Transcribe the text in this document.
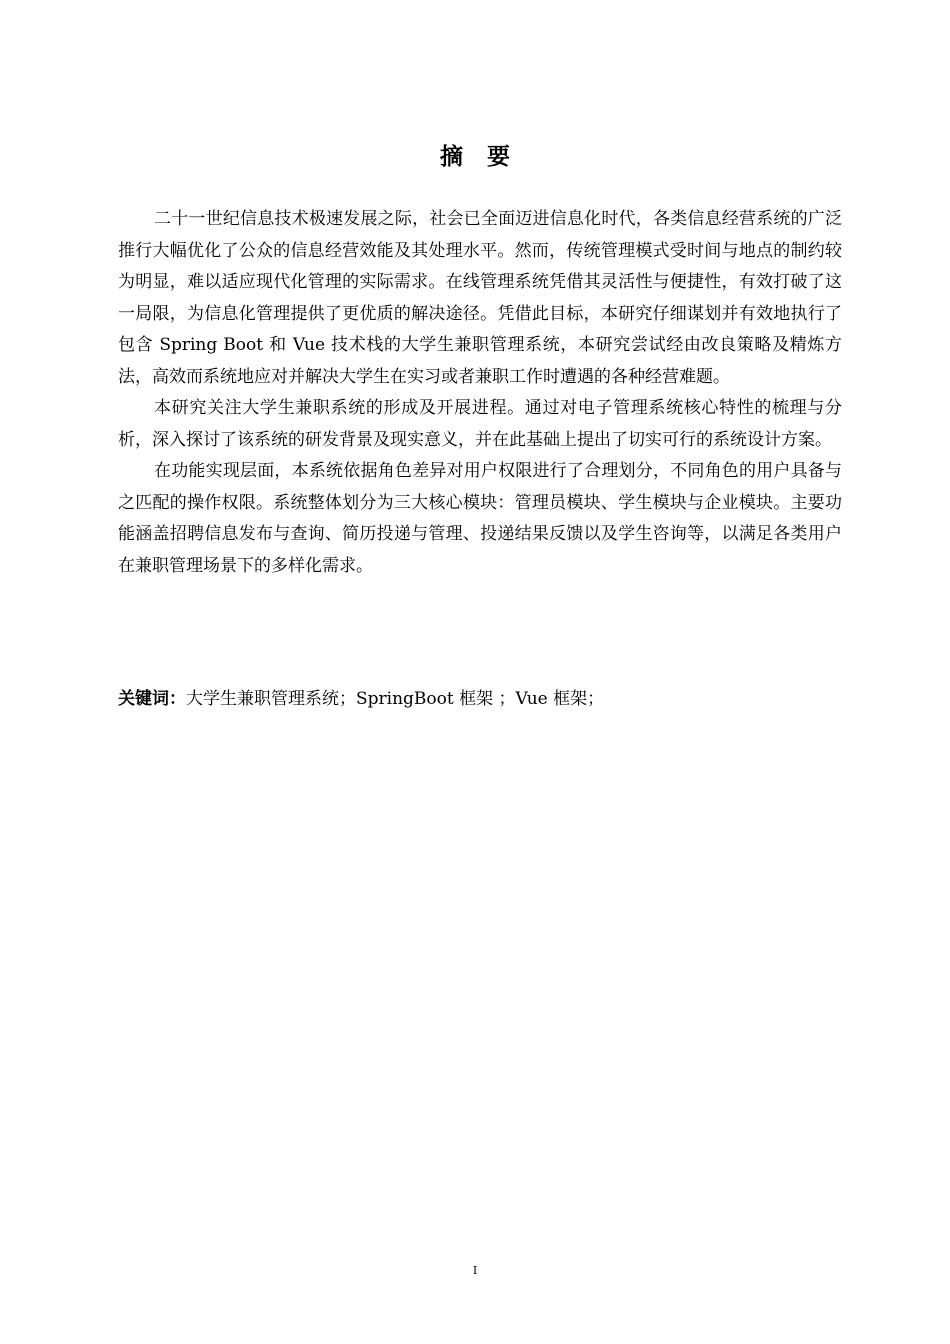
摘要

二十一世纪信息技术极速发展之际，社会已全面迈进信息化时代，各类信息经营系统的广泛推行大幅优化了公众的信息经营效能及其处理水平。然而，传统管理模式受时间与地点的制约较为明显，难以适应现代化管理的实际需求。在线管理系统凭借其灵活性与便捷性，有效打破了这一局限，为信息化管理提供了更优质的解决途径。凭借此目标，本研究仔细谋划并有效地执行了包含 Spring Boot 和 Vue 技术栈的大学生兼职管理系统，本研究尝试经由改良策略及精炼方法，高效而系统地应对并解决大学生在实习或者兼职工作时遭遇的各种经营难题。

本研究关注大学生兼职系统的形成及开展进程。通过对电子管理系统核心特性的梳理与分析，深入探讨了该系统的研发背景及现实意义，并在此基础上提出了切实可行的系统设计方案。

在功能实现层面，本系统依据角色差异对用户权限进行了合理划分，不同角色的用户具备与之匹配的操作权限。系统整体划分为三大核心模块：管理员模块、学生模块与企业模块。主要功能涵盖招聘信息发布与查询、简历投递与管理、投递结果反馈以及学生咨询等，以满足各类用户在兼职管理场景下的多样化需求。

关键词：大学生兼职管理系统；SpringBoot 框架 ；Vue 框架；
I
